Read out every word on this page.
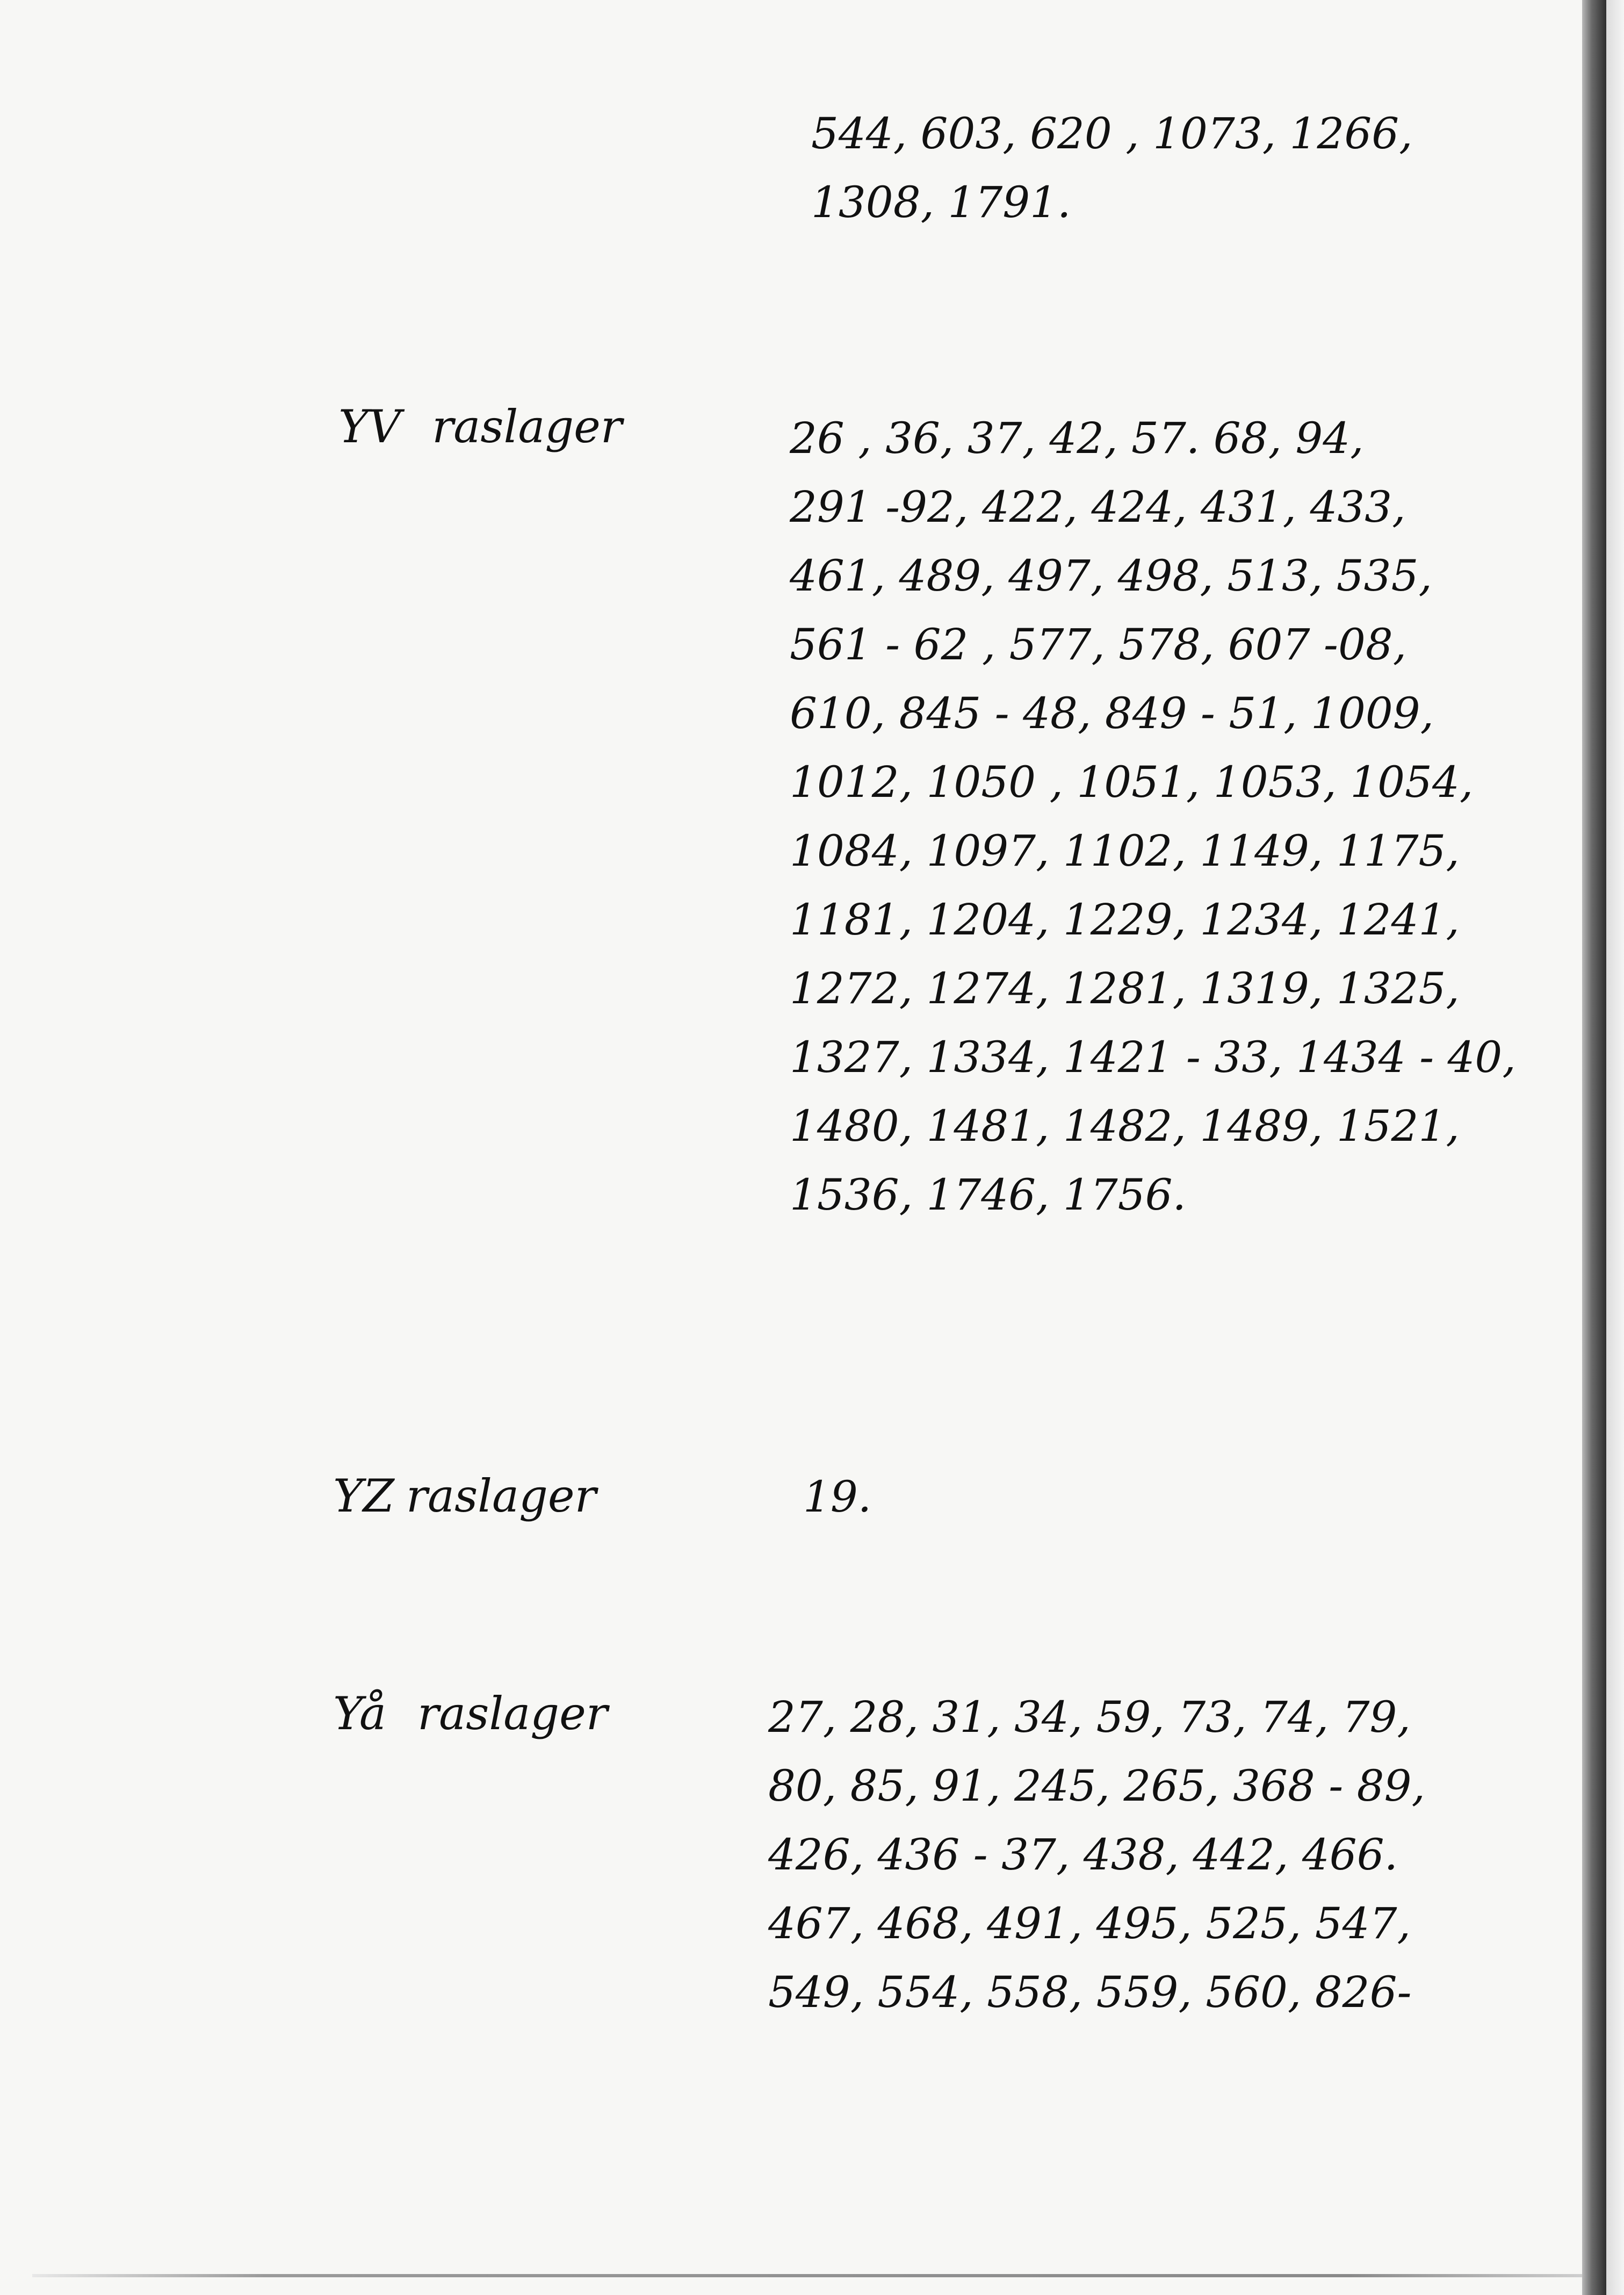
544, 603, 620 , 1073, 1266,
1308, 1791.
YV raslager	26 , 36, 37, 42, 57. 68, 94,
291 -92, 422, 424, 431, 433,
461, 489, 497, 498, 513, 535,
561 - 62 , 577, 578, 607 -08,
610, 845 - 48, 849 - 51, 1009,
1012, 1050 , 1051, 1053, 1054,
1084, 1097, 1102, 1149, 1175,
1181, 1204, 1229, 1234, 1241,
1272, 1274, 1281, 1319, 1325,
1327, 1334, 1421 - 33, 1434 - 40,
1480, 1481, 1482, 1489, 1521,
1536, 1746, 1756.
YZ raslager	19.
Yå raslager	27, 28, 31, 34, 59, 73, 74, 79,
80, 85, 91, 245, 265, 368 - 89,
426, 436 - 37, 438, 442, 466.
467, 468, 491, 495, 525, 547,
549, 554, 558, 559, 560, 826-
